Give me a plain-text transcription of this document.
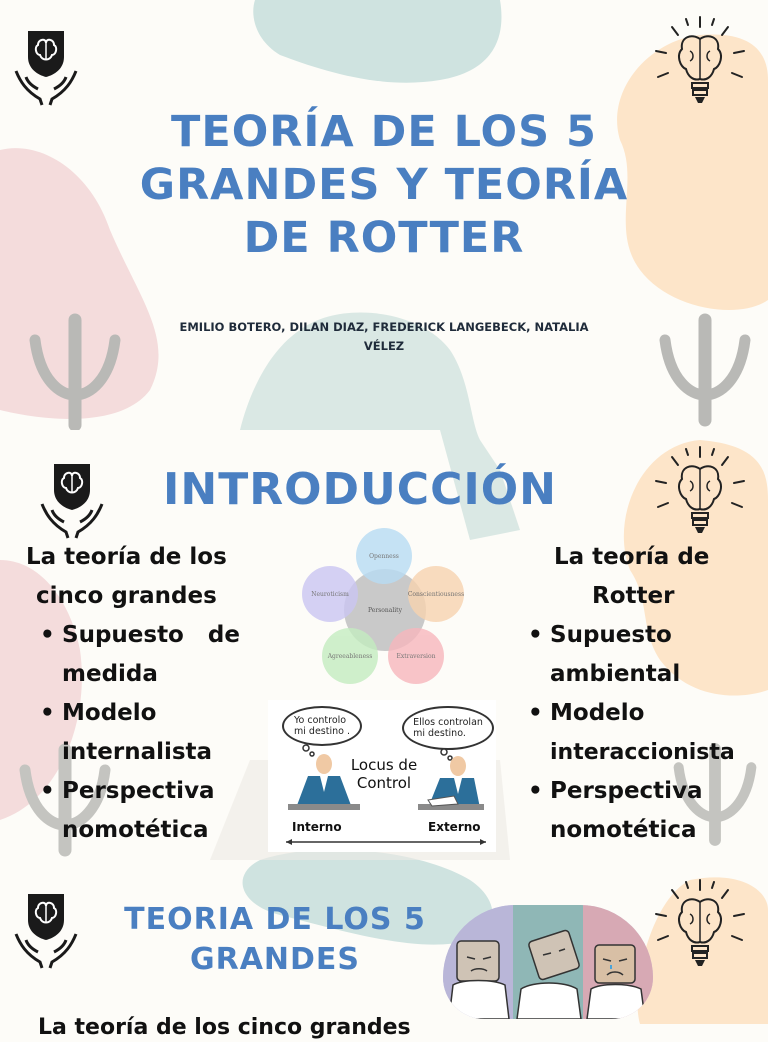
TEORÍA DE LOS 5
GRANDES Y TEORÍA
DE ROTTER
EMILIO BOTERO, DILAN DIAZ, FREDERICK LANGEBECK, NATALIA
VÉLEZ
INTRODUCCIÓN
La teoría de los
cinco grandes
• Supuesto   de
medida
• Modelo
internalista
• Perspectiva
nomotética
La teoría de
Rotter
• Supuesto
ambiental
• Modelo
interaccionista
• Perspectiva
nomotética
Personality
Openness
Conscientiousness
Extraversion
Agreeableness
Neuroticism
Yo controlo
mi destino .
Ellos controlan
mi destino.
Locus de
Control
Interno	Externo
TEORIA DE LOS 5
GRANDES
La teoría de los cinco grandes
